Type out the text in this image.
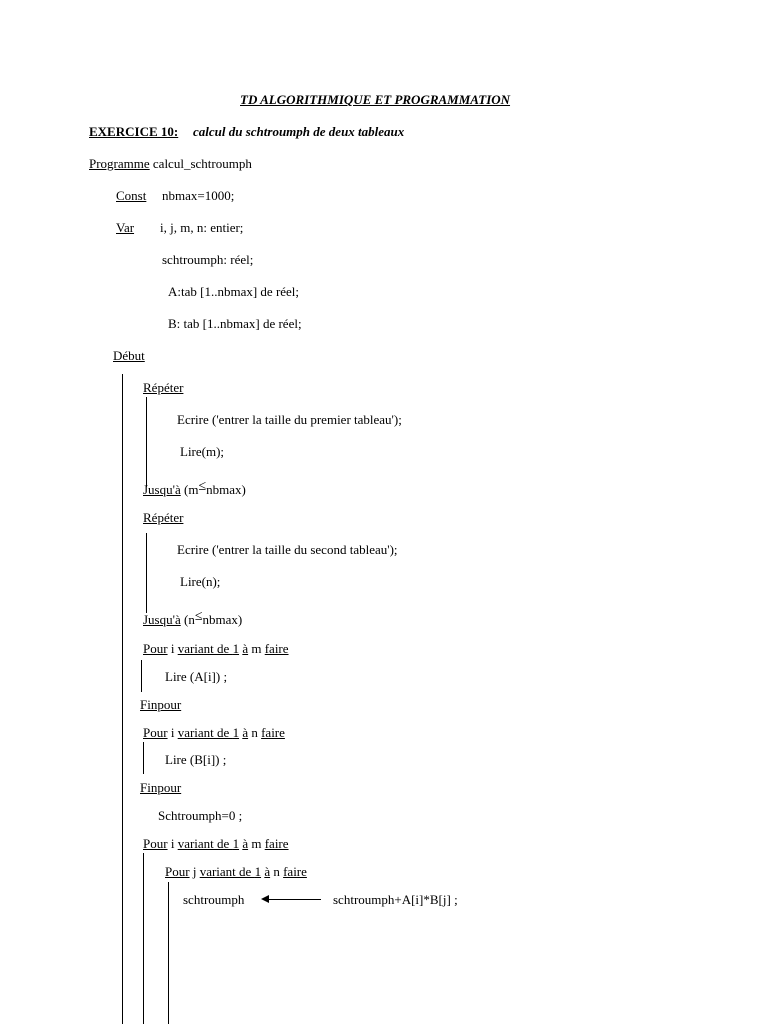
TD ALGORITHMIQUE ET PROGRAMMATION
EXERCICE 10: calcul du schtroumph de deux tableaux
Programme calcul_schtroumph
Const nbmax=1000;
Var i, j, m, n: entier;
schtroumph: réel;
A:tab [1..nbmax] de réel;
B: tab [1..nbmax] de réel;
Début
Répéter
Ecrire ('entrer la taille du premier tableau');
Lire(m);
Jusqu'à (m≤nbmax)
Répéter
Ecrire ('entrer la taille du second tableau');
Lire(n);
Jusqu'à (n≤nbmax)
Pour i variant de 1 à m faire
Lire (A[i]) ;
Finpour
Pour i variant de 1 à n faire
Lire (B[i]) ;
Finpour
Schtroumph=0 ;
Pour i variant de 1 à m faire
Pour j variant de 1 à n faire
schtroumph	schtroumph+A[i]*B[j] ;
